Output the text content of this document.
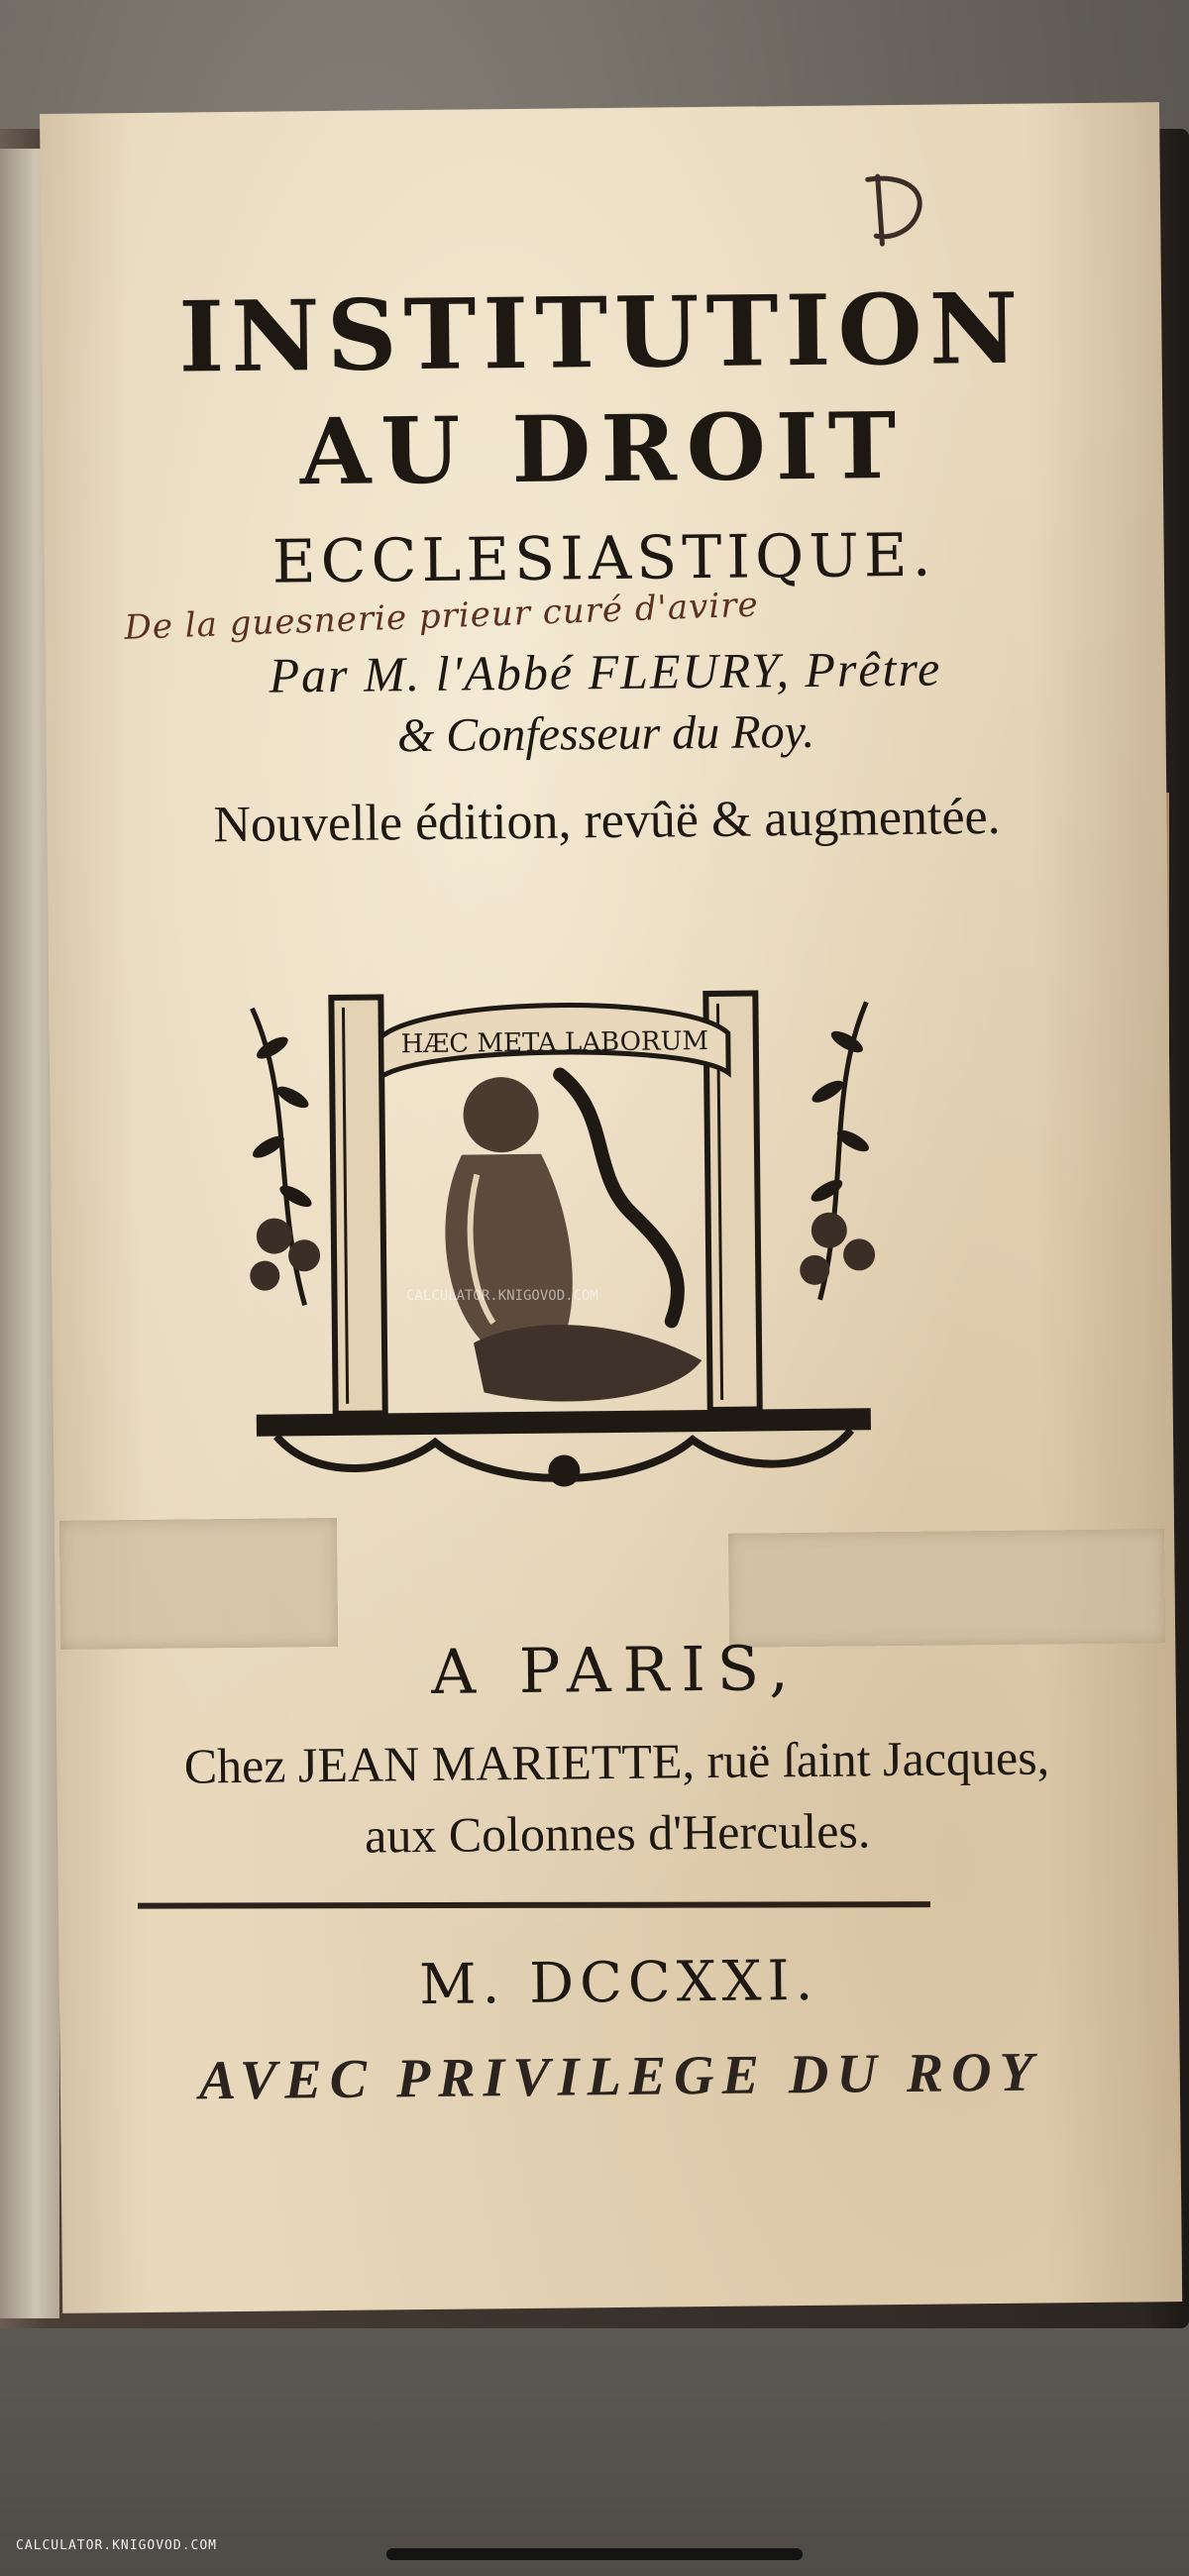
INSTITUTION
AU DROIT
ECCLESIASTIQUE.
De la guesnerie prieur curé d'avire
Par M. l'Abbé FLEURY, Prêtre
& Confesseur du Roy.
Nouvelle édition, revûë & augmentée.
HÆC META LABORUM
A PARIS,
Chez JEAN MARIETTE, ruë ſaint Jacques,
aux Colonnes d'Hercules.
M. DCCXXI.
AVEC PRIVILEGE DU ROY
CALCULATOR.KNIGOVOD.COM
CALCULATOR.KNIGOVOD.COM
